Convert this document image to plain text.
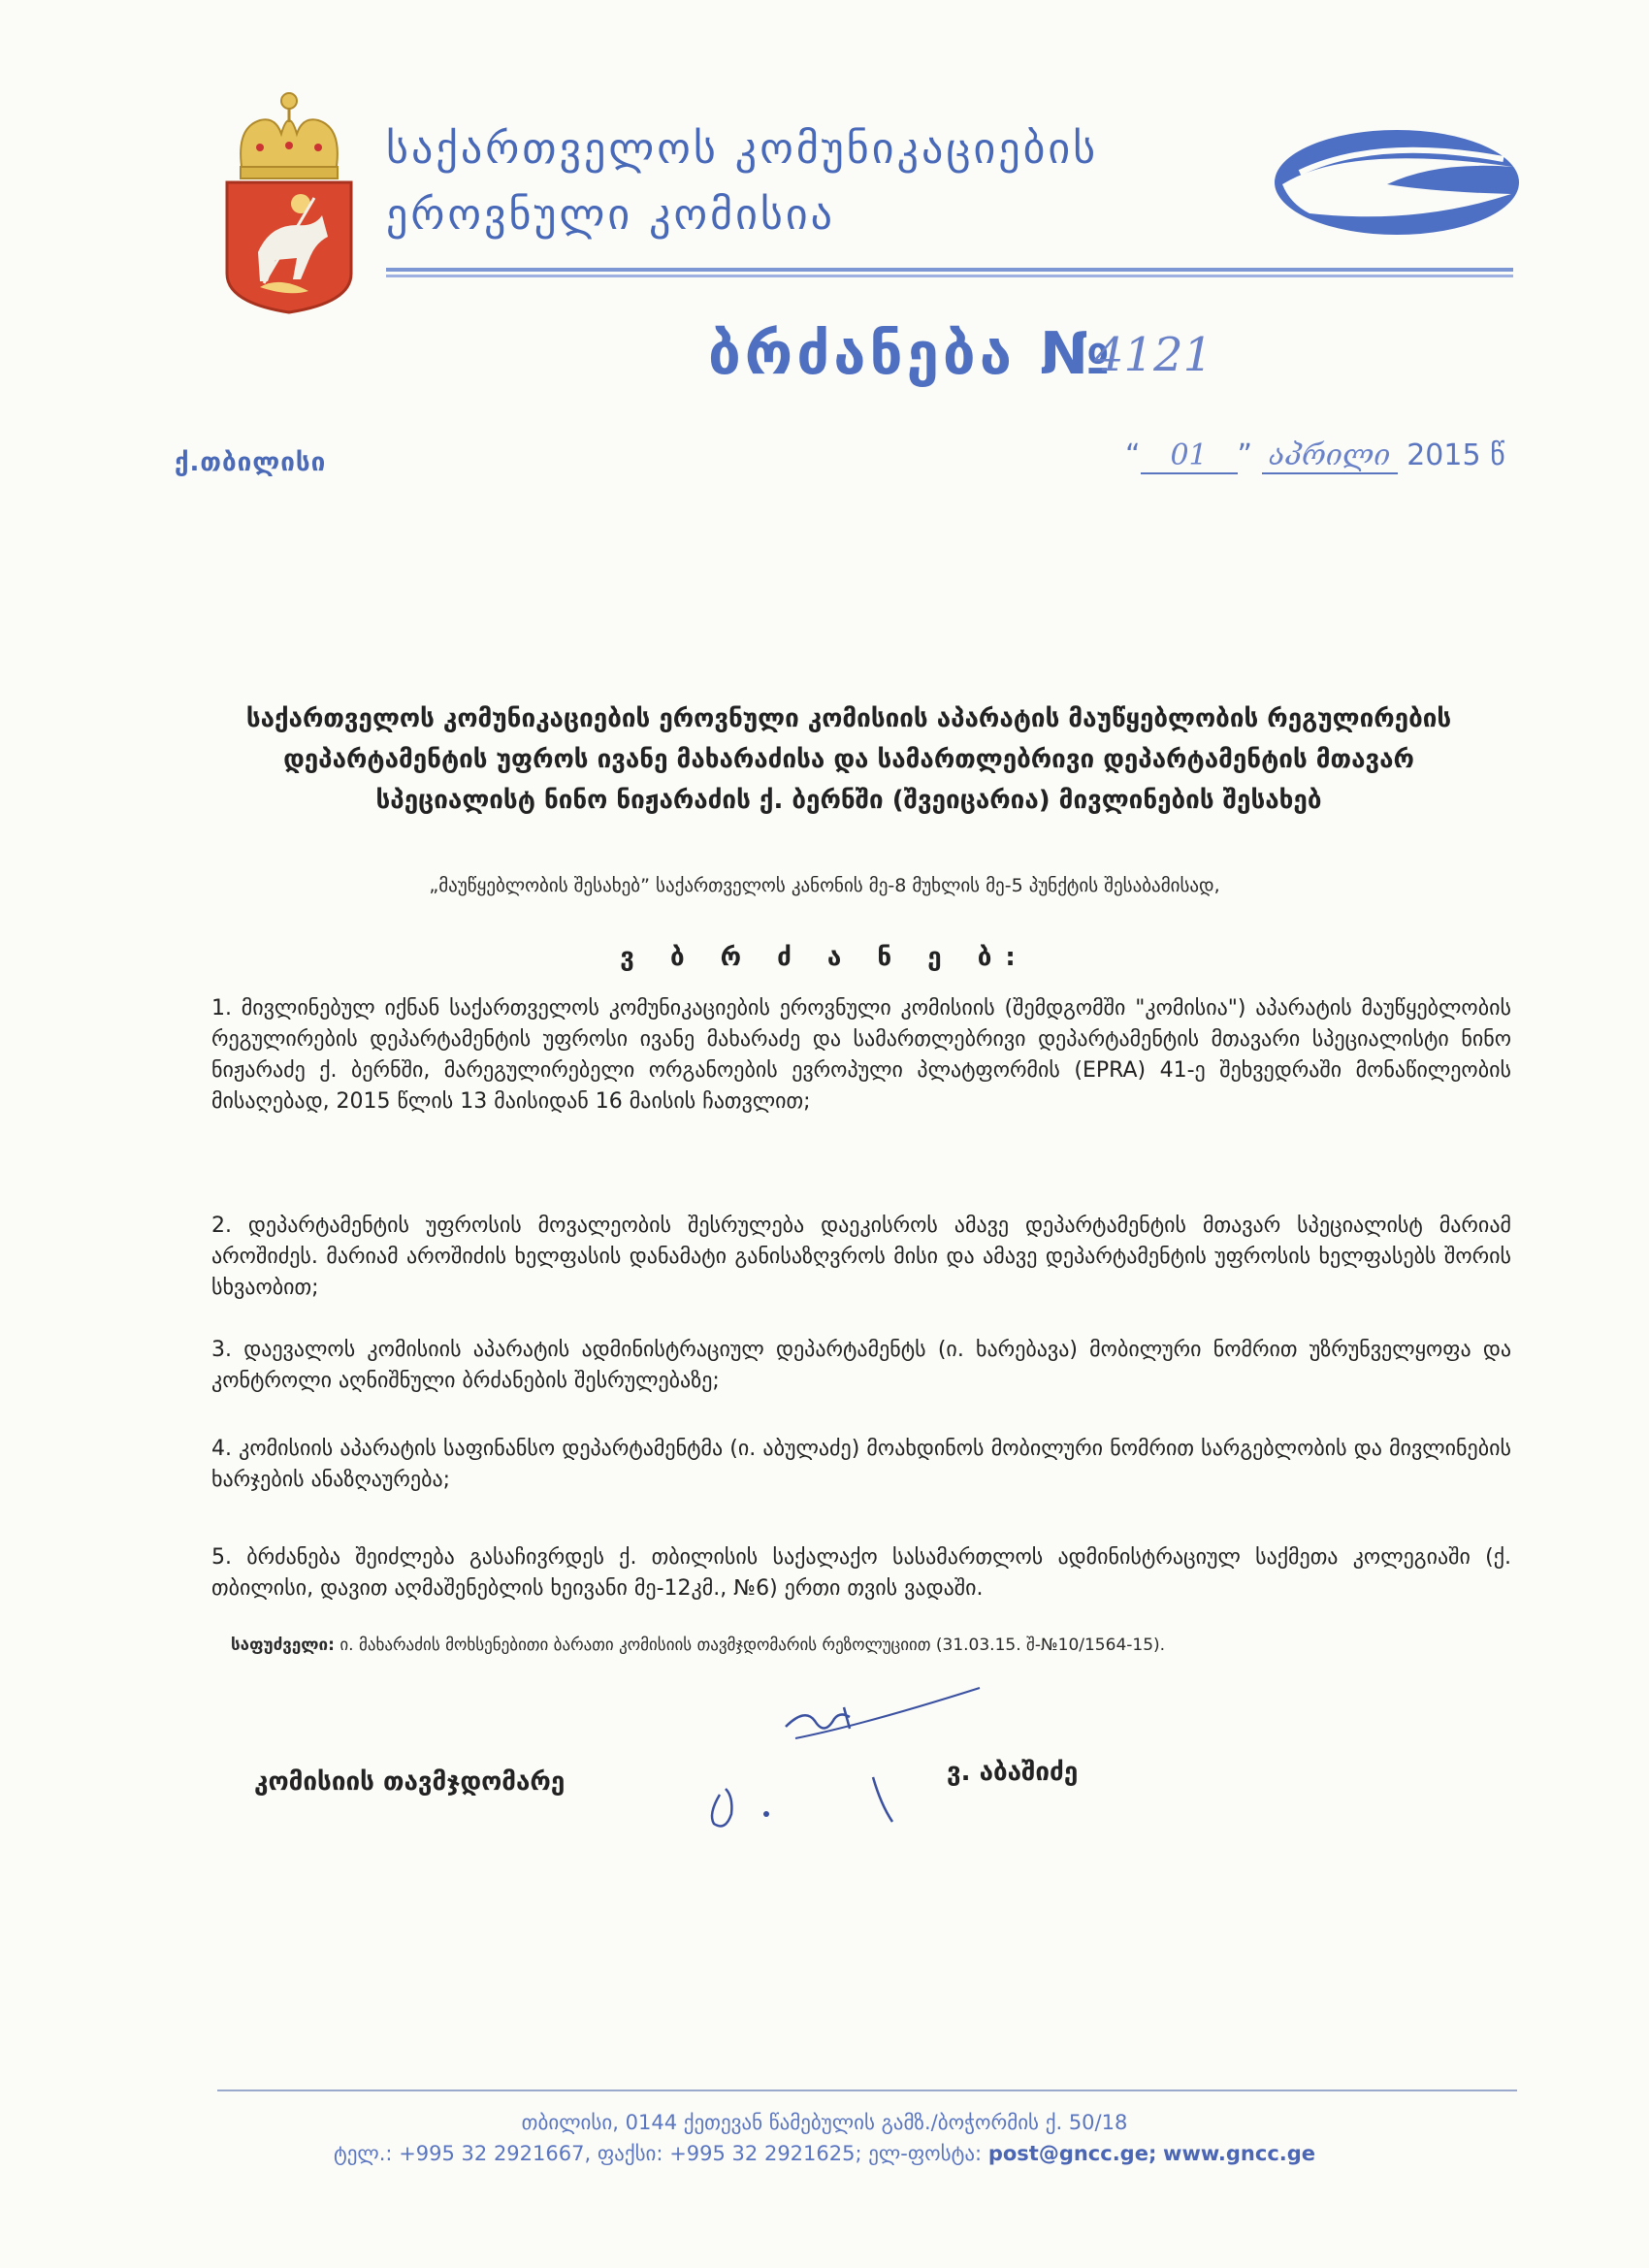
საქართველოს კომუნიკაციების
ეროვნული კომისია
ბრძანება №
4121
ქ.თბილისი	“ 01 ” აპრილი 2015 წ
საქართველოს კომუნიკაციების ეროვნული კომისიის აპარატის მაუწყებლობის რეგულირების დეპარტამენტის უფროს ივანე მახარაძისა და სამართლებრივი დეპარტამენტის მთავარ სპეციალისტ ნინო ნიჟარაძის ქ. ბერნში (შვეიცარია) მივლინების შესახებ
„მაუწყებლობის შესახებ” საქართველოს კანონის მე-8 მუხლის მე-5 პუნქტის შესაბამისად,
ვ ბ რ ძ ა ნ ე ბ:
1. მივლინებულ იქნან საქართველოს კომუნიკაციების ეროვნული კომისიის (შემდგომში "კომისია") აპარატის მაუწყებლობის რეგულირების დეპარტამენტის უფროსი ივანე მახარაძე და სამართლებრივი დეპარტამენტის მთავარი სპეციალისტი ნინო ნიჟარაძე ქ. ბერნში, მარეგულირებელი ორგანოების ევროპული პლატფორმის (EPRA) 41-ე შეხვედრაში მონაწილეობის მისაღებად, 2015 წლის 13 მაისიდან 16 მაისის ჩათვლით;
2. დეპარტამენტის უფროსის მოვალეობის შესრულება დაეკისროს ამავე დეპარტამენტის მთავარ სპეციალისტ მარიამ აროშიძეს. მარიამ აროშიძის ხელფასის დანამატი განისაზღვროს მისი და ამავე დეპარტამენტის უფროსის ხელფასებს შორის სხვაობით;
3. დაევალოს კომისიის აპარატის ადმინისტრაციულ დეპარტამენტს (ი. ხარებავა) მობილური ნომრით უზრუნველყოფა და კონტროლი აღნიშნული ბრძანების შესრულებაზე;
4. კომისიის აპარატის საფინანსო დეპარტამენტმა (ი. აბულაძე) მოახდინოს მობილური ნომრით სარგებლობის და მივლინების ხარჯების ანაზღაურება;
5. ბრძანება შეიძლება გასაჩივრდეს ქ. თბილისის საქალაქო სასამართლოს ადმინისტრაციულ საქმეთა კოლეგიაში (ქ. თბილისი, დავით აღმაშენებლის ხეივანი მე-12კმ., №6) ერთი თვის ვადაში.
საფუძველი: ი. მახარაძის მოხსენებითი ბარათი კომისიის თავმჯდომარის რეზოლუციით (31.03.15. შ-№10/1564-15).
კომისიის თავმჯდომარე	ვ. აბაშიძე
თბილისი, 0144 ქეთევან წამებულის გამზ./ბოჭორმის ქ. 50/18
ტელ.: +995 32 2921667, ფაქსი: +995 32 2921625; ელ-ფოსტა: post@gncc.ge; www.gncc.ge
